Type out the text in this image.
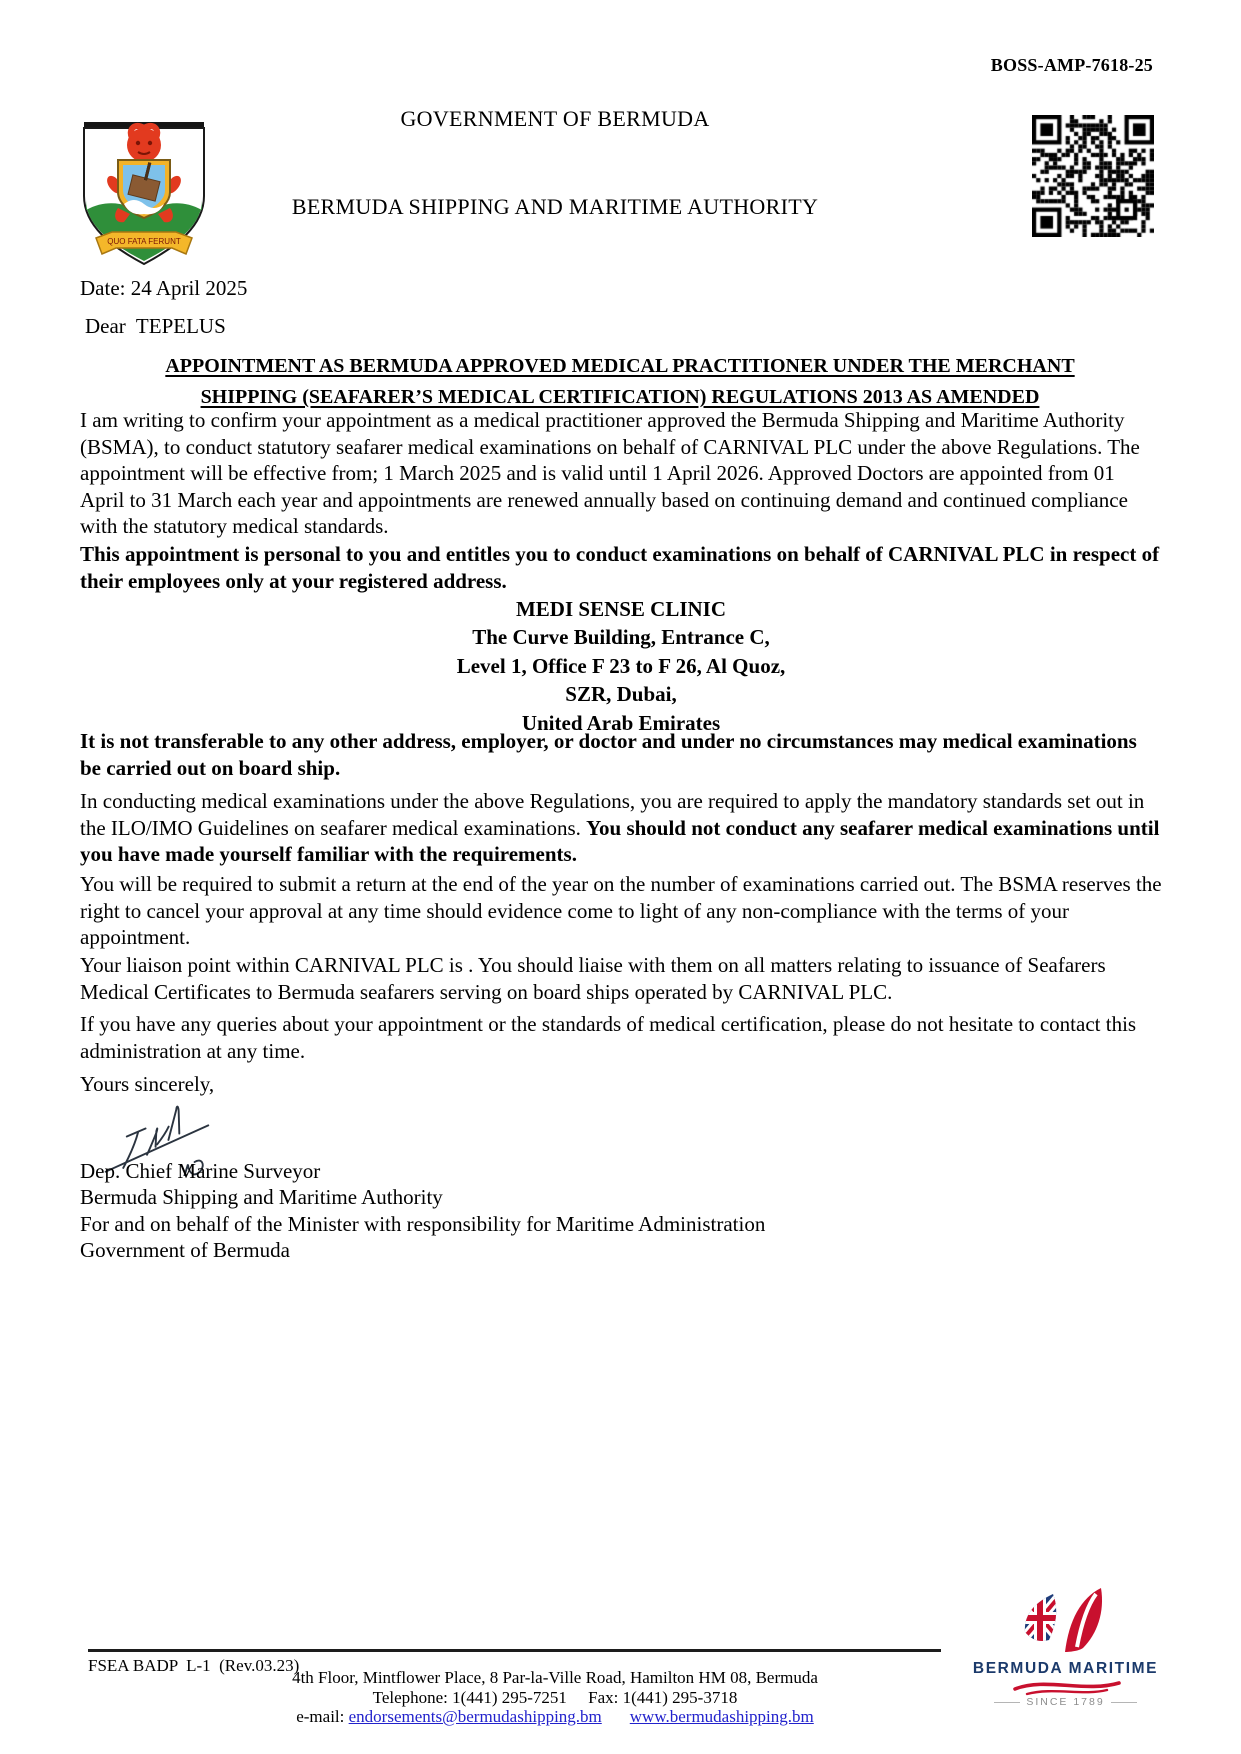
BOSS-AMP-7618-25
QUO FATA FERUNT
GOVERNMENT OF BERMUDA
BERMUDA SHIPPING AND MARITIME AUTHORITY
Date: 24 April 2025
Dear  TEPELUS
APPOINTMENT AS BERMUDA APPROVED MEDICAL PRACTITIONER UNDER THE MERCHANT
SHIPPING (SEAFARER’S MEDICAL CERTIFICATION) REGULATIONS 2013 AS AMENDED
I am writing to confirm your appointment as a medical practitioner approved the Bermuda Shipping and Maritime Authority (BSMA), to conduct statutory seafarer medical examinations on behalf of CARNIVAL PLC under the above Regulations. The appointment will be effective from; 1 March 2025 and is valid until 1 April 2026. Approved Doctors are appointed from 01 April to 31 March each year and appointments are renewed annually based on continuing demand and continued compliance with the statutory medical standards.
This appointment is personal to you and entitles you to conduct examinations on behalf of CARNIVAL PLC in respect of their employees only at your registered address.
MEDI SENSE CLINIC
The Curve Building, Entrance C,
Level 1, Office F 23 to F 26, Al Quoz,
SZR, Dubai,
United Arab Emirates
It is not transferable to any other address, employer, or doctor and under no circumstances may medical examinations be carried out on board ship.
In conducting medical examinations under the above Regulations, you are required to apply the mandatory standards set out in the ILO/IMO Guidelines on seafarer medical examinations. You should not conduct any seafarer medical examinations until you have made yourself familiar with the requirements.
You will be required to submit a return at the end of the year on the number of examinations carried out. The BSMA reserves the right to cancel your approval at any time should evidence come to light of any non-compliance with the terms of your appointment.
Your liaison point within CARNIVAL PLC is . You should liaise with them on all matters relating to issuance of Seafarers Medical Certificates to Bermuda seafarers serving on board ships operated by CARNIVAL PLC.
If you have any queries about your appointment or the standards of medical certification, please do not hesitate to contact this administration at any time.
Yours sincerely,
Dep. Chief Marine Surveyor
Bermuda Shipping and Maritime Authority
For and on behalf of the Minister with responsibility for Maritime Administration
Government of Bermuda
FSEA BADP  L-1  (Rev.03.23)
4th Floor, Mintflower Place, 8 Par-la-Ville Road, Hamilton HM 08, Bermuda
Telephone: 1(441) 295-7251     Fax: 1(441) 295-3718
e-mail: endorsements@bermudashipping.bm www.bermudashipping.bm
BERMUDA MARITIME
SINCE 1789
